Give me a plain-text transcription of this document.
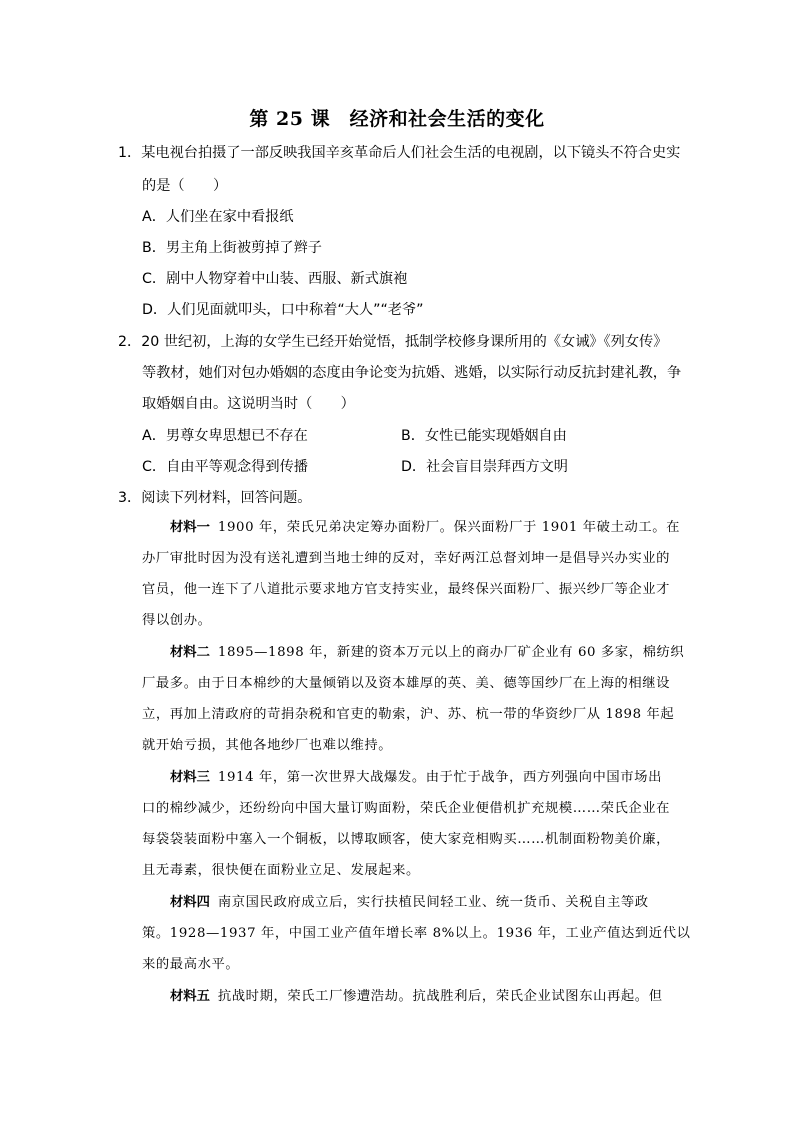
第 25 课　经济和社会生活的变化
1．某电视台拍摄了一部反映我国辛亥革命后人们社会生活的电视剧，以下镜头不符合史实
的是（　　）
A．人们坐在家中看报纸
B．男主角上街被剪掉了辫子
C．剧中人物穿着中山装、西服、新式旗袍
D．人们见面就叩头，口中称着“大人”“老爷”
2．20 世纪初，上海的女学生已经开始觉悟，抵制学校修身课所用的《女诫》《列女传》
等教材，她们对包办婚姻的态度由争论变为抗婚、逃婚，以实际行动反抗封建礼教，争
取婚姻自由。这说明当时（　　）
A．男尊女卑思想已不存在	B．女性已能实现婚姻自由
C．自由平等观念得到传播	D．社会盲目崇拜西方文明
3．阅读下列材料，回答问题。
材料一 1900 年，荣氏兄弟决定筹办面粉厂。保兴面粉厂于 1901 年破土动工。在
办厂审批时因为没有送礼遭到当地士绅的反对，幸好两江总督刘坤一是倡导兴办实业的
官员，他一连下了八道批示要求地方官支持实业，最终保兴面粉厂、振兴纱厂等企业才
得以创办。
材料二 1895—1898 年，新建的资本万元以上的商办厂矿企业有 60 多家，棉纺织
厂最多。由于日本棉纱的大量倾销以及资本雄厚的英、美、德等国纱厂在上海的相继设
立，再加上清政府的苛捐杂税和官吏的勒索，沪、苏、杭一带的华资纱厂从 1898 年起
就开始亏损，其他各地纱厂也难以维持。
材料三 1914 年，第一次世界大战爆发。由于忙于战争，西方列强向中国市场出
口的棉纱减少，还纷纷向中国大量订购面粉，荣氏企业便借机扩充规模……荣氏企业在
每袋袋装面粉中塞入一个铜板，以博取顾客，使大家竞相购买……机制面粉物美价廉，
且无毒素，很快便在面粉业立足、发展起来。
材料四 南京国民政府成立后，实行扶植民间轻工业、统一货币、关税自主等政
策。1928—1937 年，中国工业产值年增长率 8%以上。1936 年，工业产值达到近代以
来的最高水平。
材料五 抗战时期，荣氏工厂惨遭浩劫。抗战胜利后，荣氏企业试图东山再起。但
